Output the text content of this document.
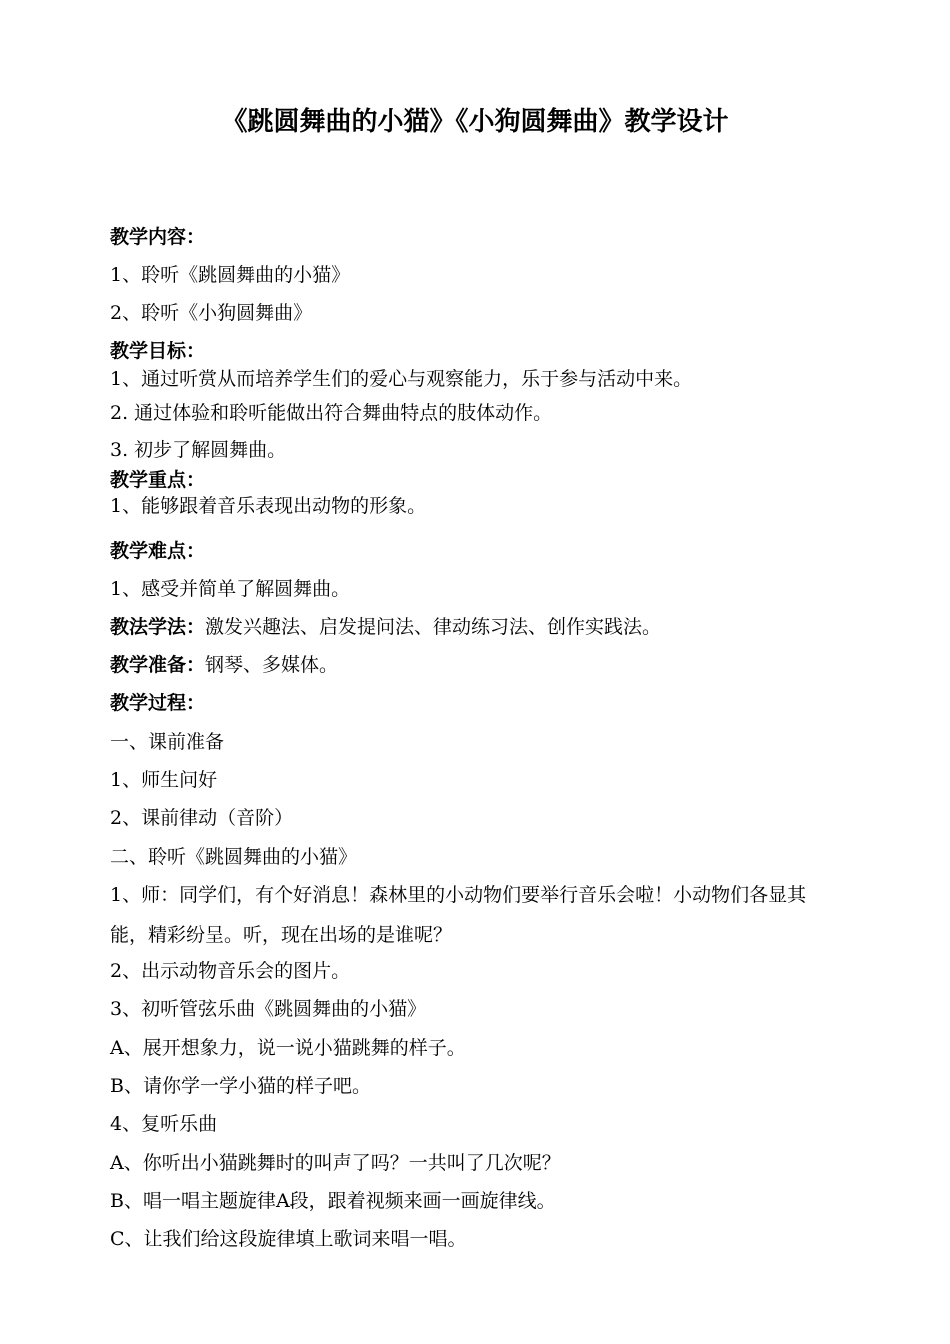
《跳圆舞曲的小猫》《小狗圆舞曲》教学设计
教学内容：
1、聆听《跳圆舞曲的小猫》
2、聆听《小狗圆舞曲》
教学目标：
1、通过听赏从而培养学生们的爱心与观察能力，乐于参与活动中来。
2. 通过体验和聆听能做出符合舞曲特点的肢体动作。
3. 初步了解圆舞曲。
教学重点：
1、能够跟着音乐表现出动物的形象。
教学难点：
1、感受并简单了解圆舞曲。
教法学法：激发兴趣法、启发提问法、律动练习法、创作实践法。
教学准备：钢琴、多媒体。
教学过程：
一、课前准备
1、师生问好
2、课前律动（音阶）
二、聆听《跳圆舞曲的小猫》
1、师：同学们，有个好消息！森林里的小动物们要举行音乐会啦！小动物们各显其能，精彩纷呈。听，现在出场的是谁呢？
2、出示动物音乐会的图片。
3、初听管弦乐曲《跳圆舞曲的小猫》
A、展开想象力，说一说小猫跳舞的样子。
B、请你学一学小猫的样子吧。
4、复听乐曲
A、你听出小猫跳舞时的叫声了吗？一共叫了几次呢？
B、唱一唱主题旋律A段，跟着视频来画一画旋律线。
C、让我们给这段旋律填上歌词来唱一唱。
